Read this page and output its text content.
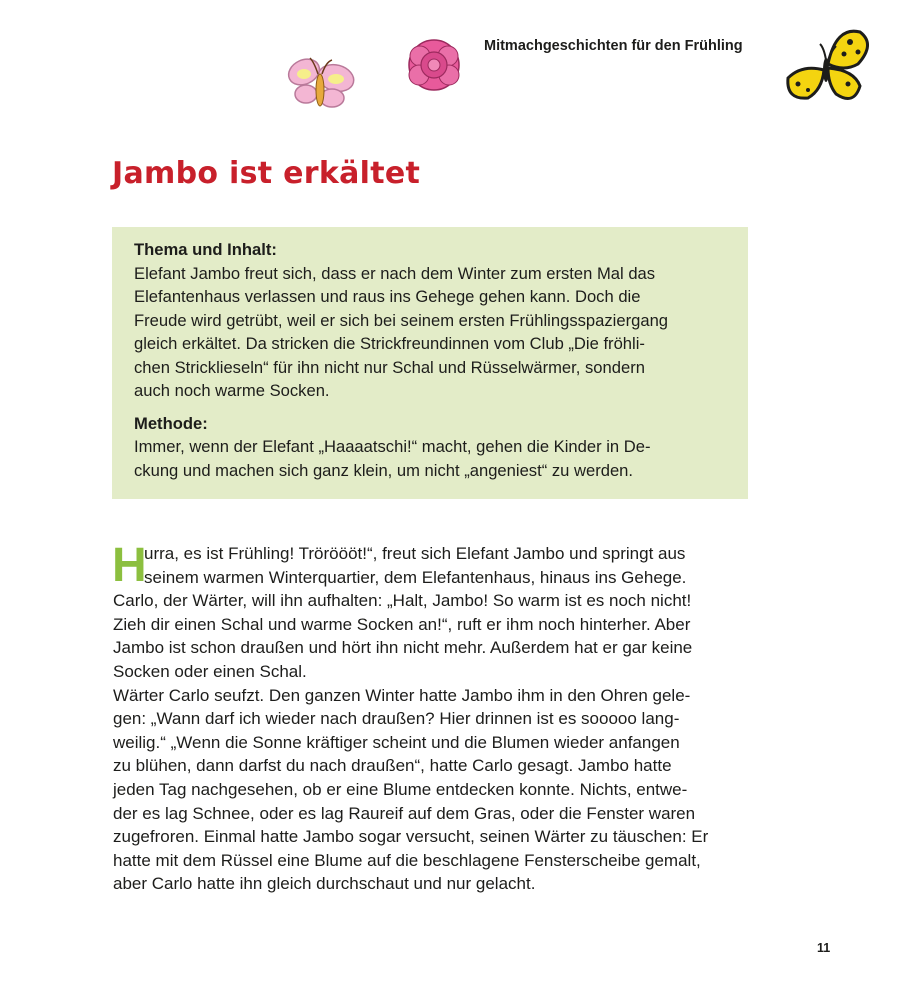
Mitmachgeschichten für den Frühling
Jambo ist erkältet
Thema und Inhalt:
Elefant Jambo freut sich, dass er nach dem Winter zum ersten Mal das
Elefantenhaus verlassen und raus ins Gehege gehen kann. Doch die
Freude wird getrübt, weil er sich bei seinem ersten Frühlingsspaziergang
gleich erkältet. Da stricken die Strickfreundinnen vom Club „Die fröhli-
chen Stricklieseln“ für ihn nicht nur Schal und Rüsselwärmer, sondern
auch noch warme Socken.
Methode:
Immer, wenn der Elefant „Haaaatschi!“ macht, gehen die Kinder in De-
ckung und machen sich ganz klein, um nicht „angeniest“ zu werden.
H
urra, es ist Frühling! Trörööötǃ“, freut sich Elefant Jambo und springt aus
seinem warmen Winterquartier, dem Elefantenhaus, hinaus ins Gehege.
Carlo, der Wärter, will ihn aufhalten: „Halt, Jambo! So warm ist es noch nicht!
Zieh dir einen Schal und warme Socken an!“, ruft er ihm noch hinterher. Aber
Jambo ist schon draußen und hört ihn nicht mehr. Außerdem hat er gar keine
Socken oder einen Schal.
Wärter Carlo seufzt. Den ganzen Winter hatte Jambo ihm in den Ohren gele-
gen: „Wann darf ich wieder nach draußen? Hier drinnen ist es sooooo lang-
weilig.“ „Wenn die Sonne kräftiger scheint und die Blumen wieder anfangen
zu blühen, dann darfst du nach draußen“, hatte Carlo gesagt. Jambo hatte
jeden Tag nachgesehen, ob er eine Blume entdecken konnte. Nichts, entwe-
der es lag Schnee, oder es lag Raureif auf dem Gras, oder die Fenster waren
zugefroren. Einmal hatte Jambo sogar versucht, seinen Wärter zu täuschen: Er
hatte mit dem Rüssel eine Blume auf die beschlagene Fensterscheibe gemalt,
aber Carlo hatte ihn gleich durchschaut und nur gelacht.
11
